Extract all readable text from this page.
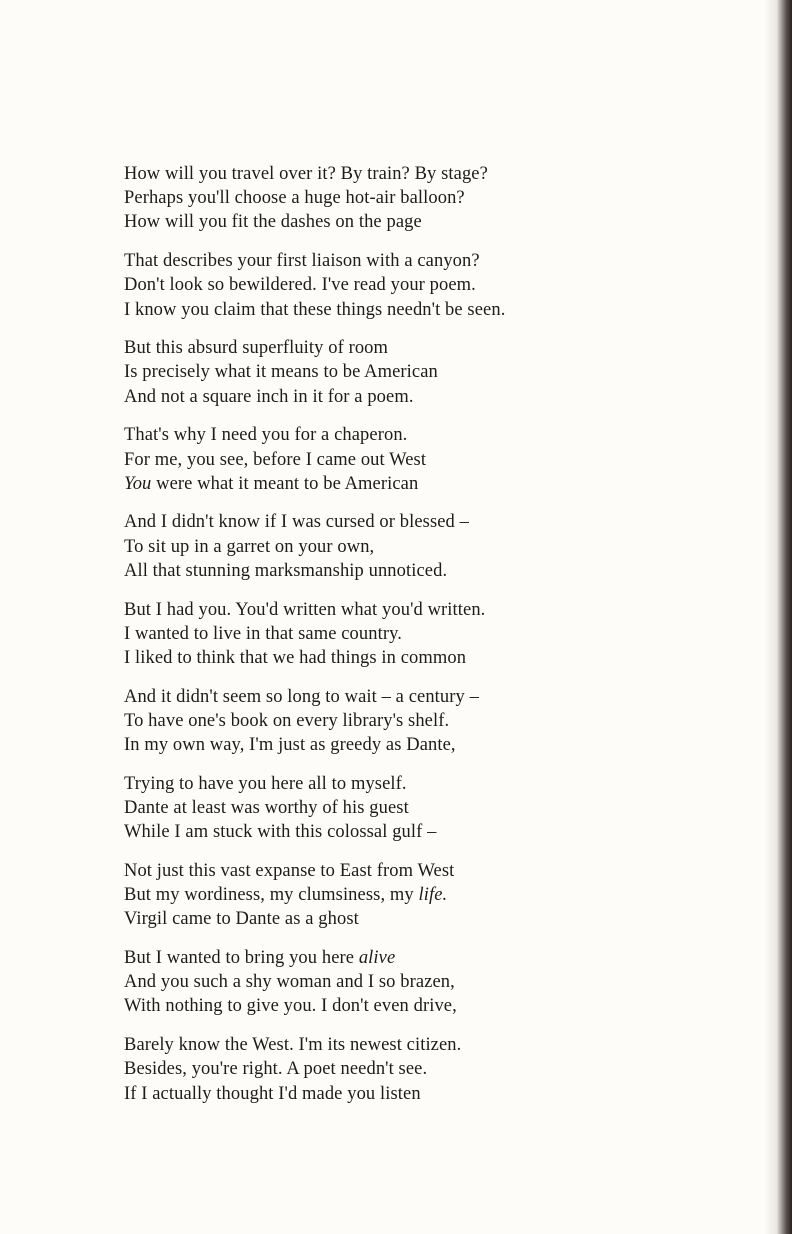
How will you travel over it? By train? By stage?
Perhaps you'll choose a huge hot-air balloon?
How will you fit the dashes on the page
That describes your first liaison with a canyon?
Don't look so bewildered. I've read your poem.
I know you claim that these things needn't be seen.
But this absurd superfluity of room
Is precisely what it means to be American
And not a square inch in it for a poem.
That's why I need you for a chaperon.
For me, you see, before I came out West
You were what it meant to be American
And I didn't know if I was cursed or blessed –
To sit up in a garret on your own,
All that stunning marksmanship unnoticed.
But I had you. You'd written what you'd written.
I wanted to live in that same country.
I liked to think that we had things in common
And it didn't seem so long to wait – a century –
To have one's book on every library's shelf.
In my own way, I'm just as greedy as Dante,
Trying to have you here all to myself.
Dante at least was worthy of his guest
While I am stuck with this colossal gulf –
Not just this vast expanse to East from West
But my wordiness, my clumsiness, my life.
Virgil came to Dante as a ghost
But I wanted to bring you here alive
And you such a shy woman and I so brazen,
With nothing to give you. I don't even drive,
Barely know the West. I'm its newest citizen.
Besides, you're right. A poet needn't see.
If I actually thought I'd made you listen
